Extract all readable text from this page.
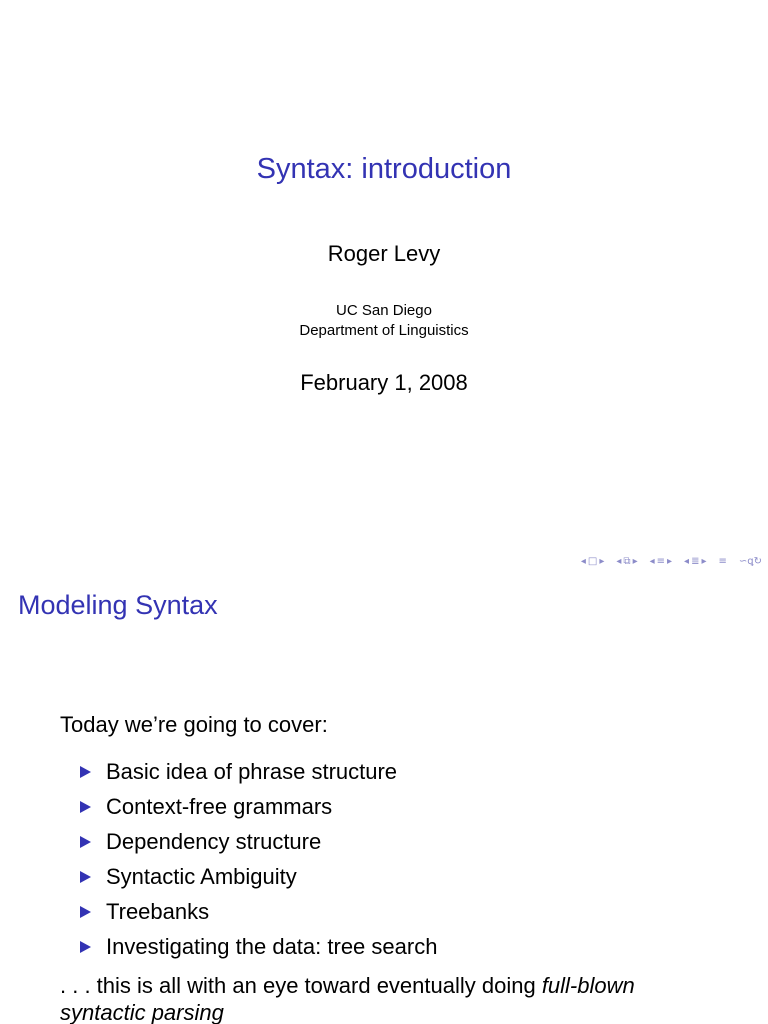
Syntax: introduction
Roger Levy
UC San Diego
Department of Linguistics
February 1, 2008
◂ □ ▸ ◂ ⧉ ▸ ◂ ≡ ▸ ◂ ≣ ▸ ≡ ∽ꝗ↻
Modeling Syntax
Today we’re going to cover:
Basic idea of phrase structure
Context-free grammars
Dependency structure
Syntactic Ambiguity
Treebanks
Investigating the data: tree search
. . . this is all with an eye toward eventually doing full-blown syntactic parsing
